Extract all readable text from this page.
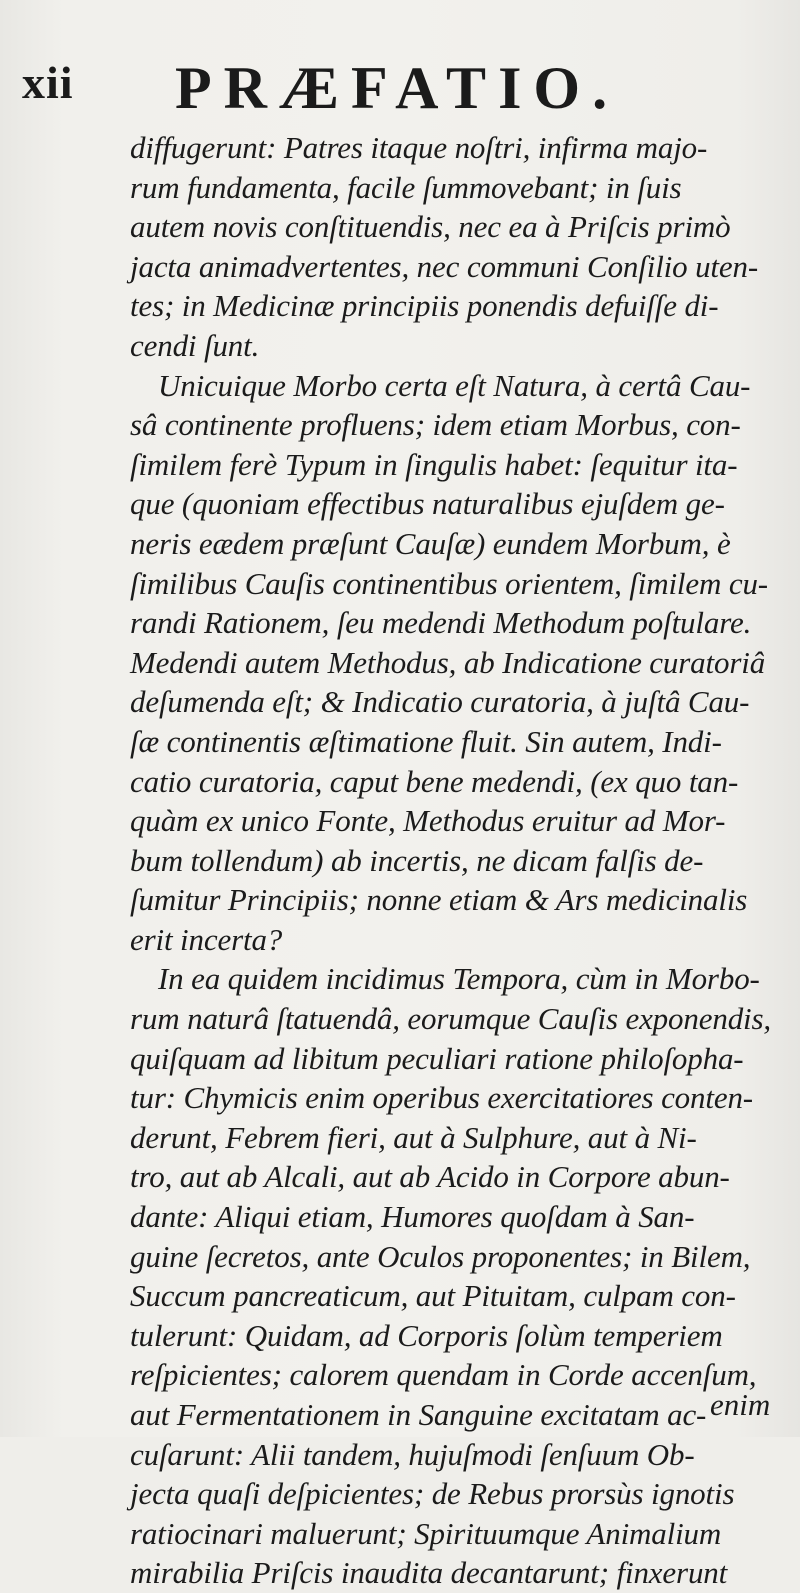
xii PRÆFATIO.
diffugerunt: Patres itaque noſtri, infirma majo-
rum fundamenta, facile ſummovebant; in ſuis
autem novis conſtituendis, nec ea à Priſcis primò
jacta animadvertentes, nec communi Conſilio uten-
tes; in Medicinæ principiis ponendis defuiſſe di-
cendi ſunt.
Unicuique Morbo certa eſt Natura, à certâ Cau-
sâ continente profluens; idem etiam Morbus, con-
ſimilem ferè Typum in ſingulis habet: ſequitur ita-
que (quoniam effectibus naturalibus ejuſdem ge-
neris eædem præſunt Cauſæ) eundem Morbum, è
ſimilibus Cauſis continentibus orientem, ſimilem cu-
randi Rationem, ſeu medendi Methodum poſtulare.
Medendi autem Methodus, ab Indicatione curatoriâ
deſumenda eſt; & Indicatio curatoria, à juſtâ Cau-
ſæ continentis æſtimatione fluit. Sin autem, Indi-
catio curatoria, caput bene medendi, (ex quo tan-
quàm ex unico Fonte, Methodus eruitur ad Mor-
bum tollendum) ab incertis, ne dicam falſis de-
ſumitur Principiis; nonne etiam & Ars medicinalis
erit incerta?
In ea quidem incidimus Tempora, cùm in Morbo-
rum naturâ ſtatuendâ, eorumque Cauſis exponendis,
quiſquam ad libitum peculiari ratione philoſopha-
tur: Chymicis enim operibus exercitatiores conten-
derunt, Febrem fieri, aut à Sulphure, aut à Ni-
tro, aut ab Alcali, aut ab Acido in Corpore abun-
dante: Aliqui etiam, Humores quoſdam à San-
guine ſecretos, ante Oculos proponentes; in Bilem,
Succum pancreaticum, aut Pituitam, culpam con-
tulerunt: Quidam, ad Corporis ſolùm temperiem
reſpicientes; calorem quendam in Corde accenſum,
aut Fermentationem in Sanguine excitatam ac-
cuſarunt: Alii tandem, hujuſmodi ſenſuum Ob-
jecta quaſi deſpicientes; de Rebus prorsùs ignotis
ratiocinari maluerunt; Spirituumque Animalium
mirabilia Priſcis inaudita decantarunt; finxerunt
enim
